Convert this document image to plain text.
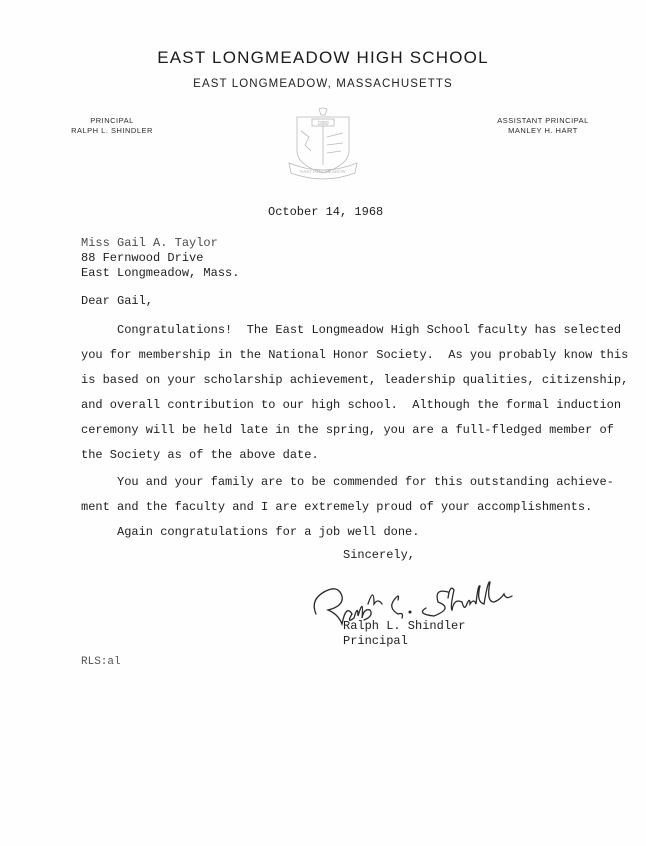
EAST LONGMEADOW HIGH SCHOOL
EAST LONGMEADOW, MASSACHUSETTS
PRINCIPAL
RALPH L. SHINDLER
ASSISTANT PRINCIPAL
MANLEY H. HART
1880
EAST LONGMEADOW
October 14, 1968
Miss Gail A. Taylor
88 Fernwood Drive
East Longmeadow, Mass.
Dear Gail,
Congratulations!  The East Longmeadow High School faculty has selected
you for membership in the National Honor Society.  As you probably know this
is based on your scholarship achievement, leadership qualities, citizenship,
and overall contribution to our high school.  Although the formal induction
ceremony will be held late in the spring, you are a full-fledged member of
the Society as of the above date.
You and your family are to be commended for this outstanding achieve-
ment and the faculty and I are extremely proud of your accomplishments.
Again congratulations for a job well done.
Sincerely,
Ralph L. Shindler
Principal
RLS:al
